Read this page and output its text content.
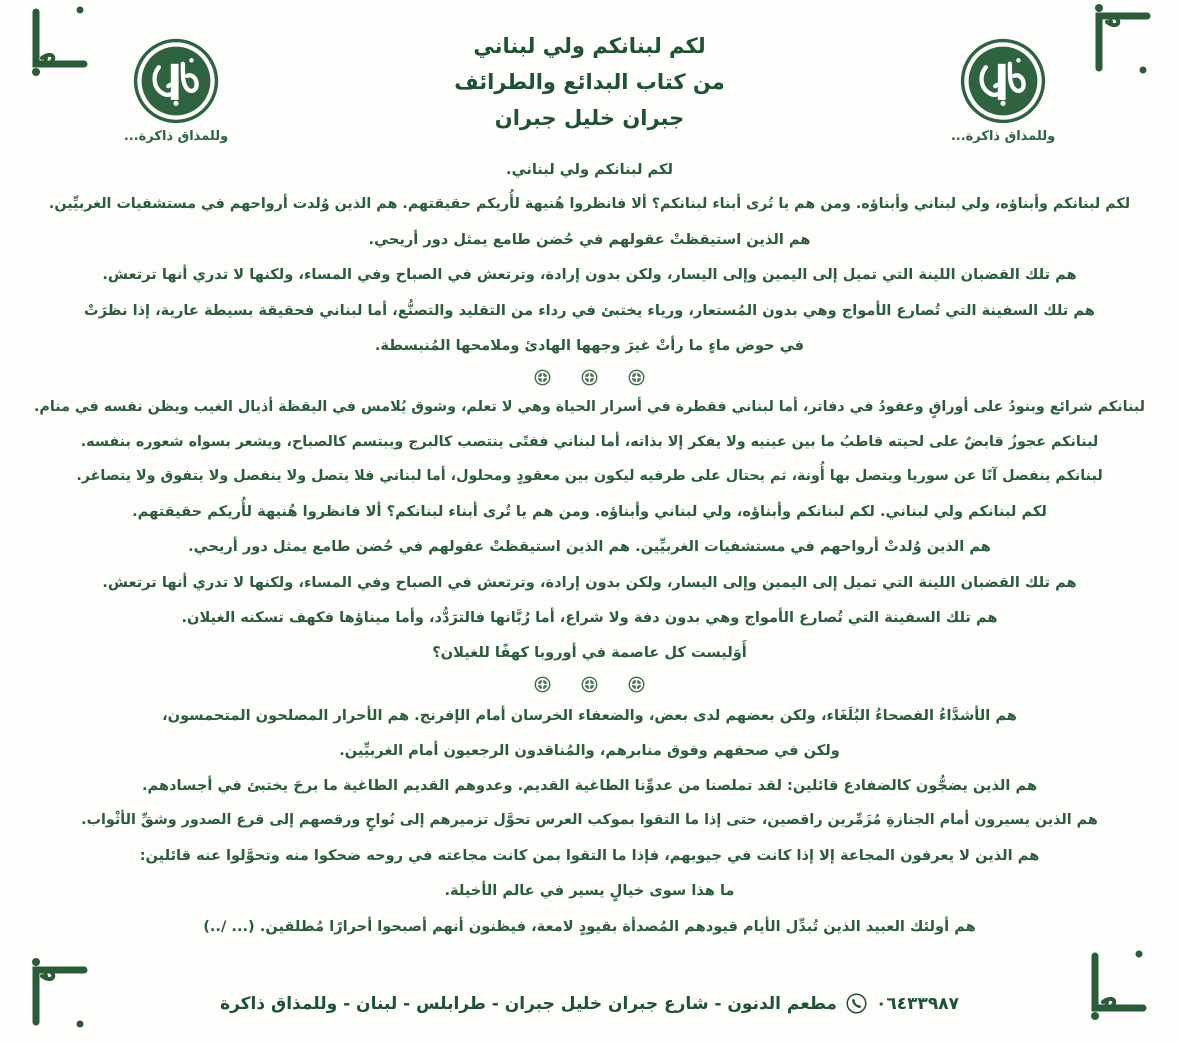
وللمذاق ذاكرة...
لكم لبنانكم ولي لبناني
من كتاب البدائع والطرائف
جبران خليل جبران
وللمذاق ذاكرة...
لكم لبنانكم ولي لبناني.
لكم لبنانكم وأبناؤه، ولي لبناني وأبناؤه. ومن هم يا تُرى أبناء لبنانكم؟ ألا فانظروا هُنيهة لأُريكم حقيقتهم. هم الذين وُلدت أرواحهم في مستشفيات الغربيِّين.
هم الذين استيقظتْ عقولهم في حُضن طامع يمثل دور أريحي.
هم تلك القضبان اللينة التي تميل إلى اليمين وإلى اليسار، ولكن بدون إرادة، وترتعش في الصباح وفي المساء، ولكنها لا تدري أنها ترتعش.
هم تلك السفينة التي تُصارع الأمواج وهي بدون المُستعار، ورياء يختبئ في رداء من التقليد والتصنُّع، أما لبناني فحقيقة بسيطة عارية، إذا نظرَتْ
في حوض ماءٍ ما رأتْ غيرَ وجهها الهادئ وملامحها المُنبسطة.
لبنانكم شرائع وبنودُ على أوراقٍ وعقودُ في دفاتر، أما لبناني فقطرة في أسرار الحياة وهي لا تعلم، وشوق يُلامس في اليقظة أذيال الغيب ويظن نفسه في منام.
لبنانكم عجوزُ قابضٌ على لحيته قاطبُ ما بين عينيه ولا يفكر إلا بذاته، أما لبناني ففتًى ينتصب كالبرج ويبتسم كالصباح، ويشعر بسواه شعوره بنفسه.
لبنانكم ينفصل آنًا عن سوريا ويتصل بها أُونة، ثم يحتال على طرفيه ليكون بين معقودٍ ومحلول، أما لبناني فلا يتصل ولا ينفصل ولا يتفوق ولا يتصاغر.
لكم لبنانكم ولي لبناني. لكم لبنانكم وأبناؤه، ولي لبناني وأبناؤه. ومن هم يا تُرى أبناء لبنانكم؟ ألا فانظروا هُنيهة لأُريكم حقيقتهم.
هم الذين وُلدتْ أرواحهم في مستشفيات الغربيِّين. هم الذين استيقظتْ عقولهم في حُضن طامع يمثل دور أريحي.
هم تلك القضبان اللينة التي تميل إلى اليمين وإلى اليسار، ولكن بدون إرادة، وترتعش في الصباح وفي المساء، ولكنها لا تدري أنها ترتعش.
هم تلك السفينة التي تُصارع الأمواج وهي بدون دفة ولا شراع، أما رُبَّانها فالترَدُّد، وأما ميناؤها فكهف تسكنه الغيلان.
أَوَليست كل عاصمة في أوروبا كهفًا للغيلان؟
هم الأشدَّاءُ الفصحاءُ البُلَغَاء، ولكن بعضهم لدى بعض، والضعفاء الخرسان أمام الإفرنج. هم الأحرار المصلحون المتحمسون،
ولكن في صحفهم وفوق منابرهم، والمُناقدون الرجعيون أمام الغربيِّين.
هم الذين يضجُّون كالضفادع قائلين: لقد تملصنا من عدوِّنا الطاغية القديم. وعدوهم القديم الطاغية ما برحَ يختبئ في أجسادهم.
هم الذين يسيرون أمام الجنازةِ مُزَمِّرين راقصين، حتى إذا ما التقوا بموكب العرس تحوَّل تزميرهم إلى نُواحٍ ورقصهم إلى قرع الصدور وشقِّ الأثْواب.
هم الذين لا يعرفون المجاعة إلا إذا كانت في جيوبهم، فإذا ما التقوا بمن كانت مجاعته في روحه ضحكوا منه وتحوَّلوا عنه قائلين:
ما هذا سوى خيالٍ يسير في عالم الأخيلة.
هم أولئك العبيد الذين تُبدِّل الأيام قيودهم المُصدأة بقيودٍ لامعة، فيظنون أنهم أصبحوا أحرارًا مُطلقين. (... /..)
٠٦٤٣٣٩٨٧
مطعم الدنون - شارع جبران خليل جبران - طرابلس - لبنان - وللمذاق ذاكرة
